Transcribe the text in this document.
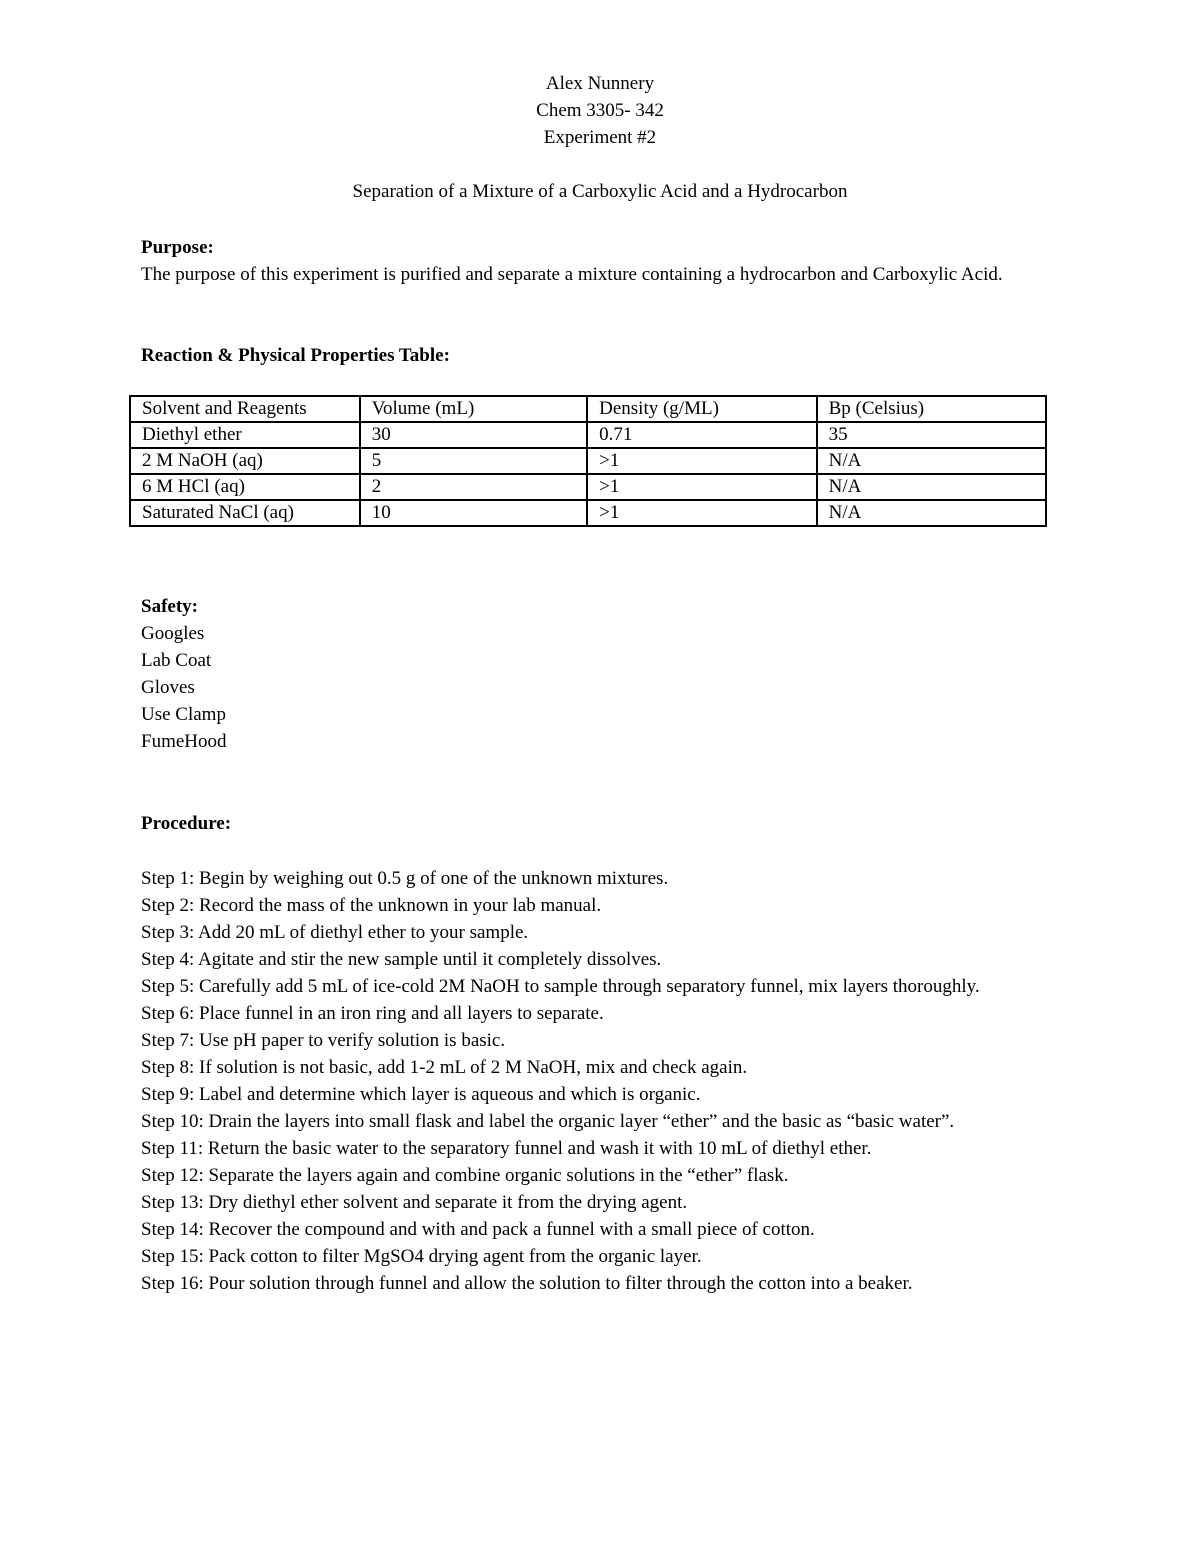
Alex Nunnery
Chem 3305- 342
Experiment #2
Separation of a Mixture of a Carboxylic Acid and a Hydrocarbon
Purpose:
The purpose of this experiment is purified and separate a mixture containing a hydrocarbon and Carboxylic Acid.
Reaction & Physical Properties Table:
Solvent and Reagents	Volume (mL)	Density (g/ML)	Bp (Celsius)
Diethyl ether	30	0.71	35
2 M NaOH (aq)	5	>1	N/A
6 M HCl (aq)	2	>1	N/A
Saturated NaCl (aq)	10	>1	N/A
Safety:
Googles
Lab Coat
Gloves
Use Clamp
FumeHood
Procedure:
Step 1: Begin by weighing out 0.5 g of one of the unknown mixtures.
Step 2: Record the mass of the unknown in your lab manual.
Step 3: Add 20 mL of diethyl ether to your sample.
Step 4: Agitate and stir the new sample until it completely dissolves.
Step 5: Carefully add 5 mL of ice-cold 2M NaOH to sample through separatory funnel, mix layers thoroughly.
Step 6: Place funnel in an iron ring and all layers to separate.
Step 7: Use pH paper to verify solution is basic.
Step 8: If solution is not basic, add 1-2 mL of 2 M NaOH, mix and check again.
Step 9: Label and determine which layer is aqueous and which is organic.
Step 10: Drain the layers into small flask and label the organic layer “ether” and the basic as “basic water”.
Step 11: Return the basic water to the separatory funnel and wash it with 10 mL of diethyl ether.
Step 12: Separate the layers again and combine organic solutions in the “ether” flask.
Step 13: Dry diethyl ether solvent and separate it from the drying agent.
Step 14: Recover the compound and with and pack a funnel with a small piece of cotton.
Step 15: Pack cotton to filter MgSO4 drying agent from the organic layer.
Step 16: Pour solution through funnel and allow the solution to filter through the cotton into a beaker.
